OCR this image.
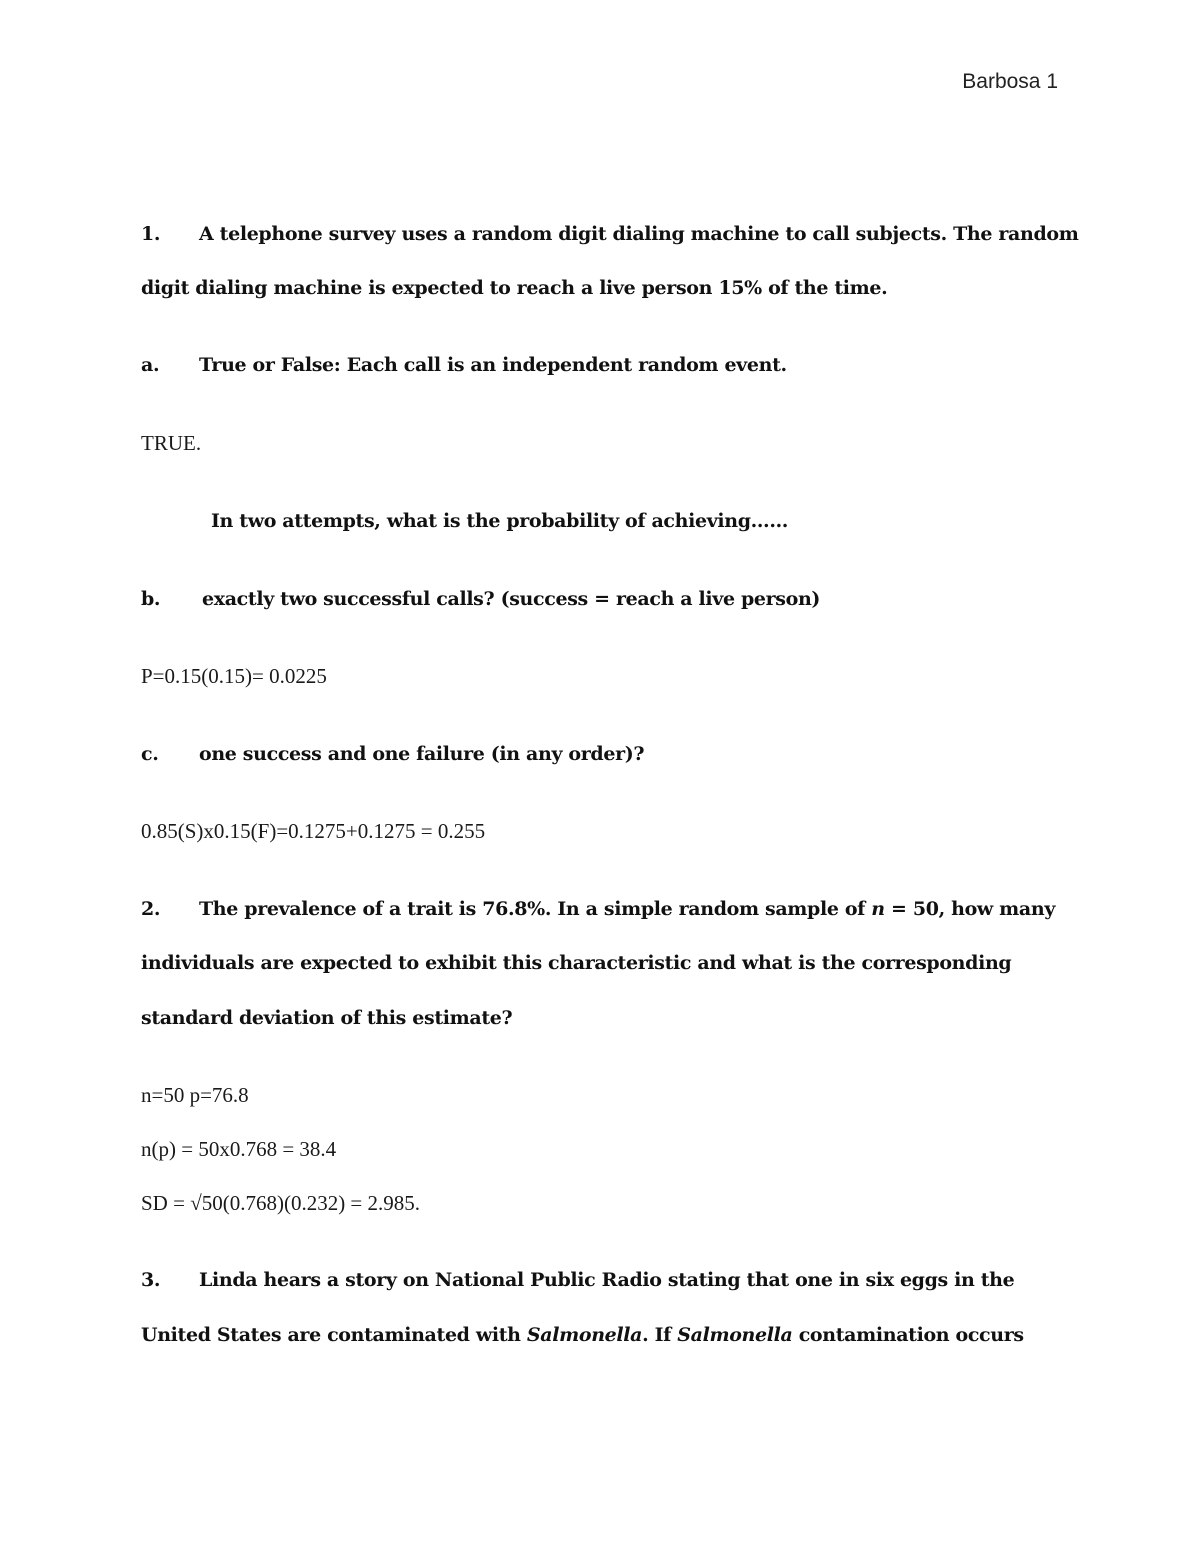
Barbosa 1
1. A telephone survey uses a random digit dialing machine to call subjects. The random
digit dialing machine is expected to reach a live person 15% of the time.
a. True or False: Each call is an independent random event.
TRUE.
In two attempts, what is the probability of achieving……
b. exactly two successful calls? (success = reach a live person)
P=0.15(0.15)= 0.0225
c. one success and one failure (in any order)?
0.85(S)x0.15(F)=0.1275+0.1275 = 0.255
2. The prevalence of a trait is 76.8%. In a simple random sample of n = 50, how many
individuals are expected to exhibit this characteristic and what is the corresponding
standard deviation of this estimate?
n=50 p=76.8
n(p) = 50x0.768 = 38.4
SD = √50(0.768)(0.232) = 2.985.
3. Linda hears a story on National Public Radio stating that one in six eggs in the
United States are contaminated with Salmonella. If Salmonella contamination occurs
